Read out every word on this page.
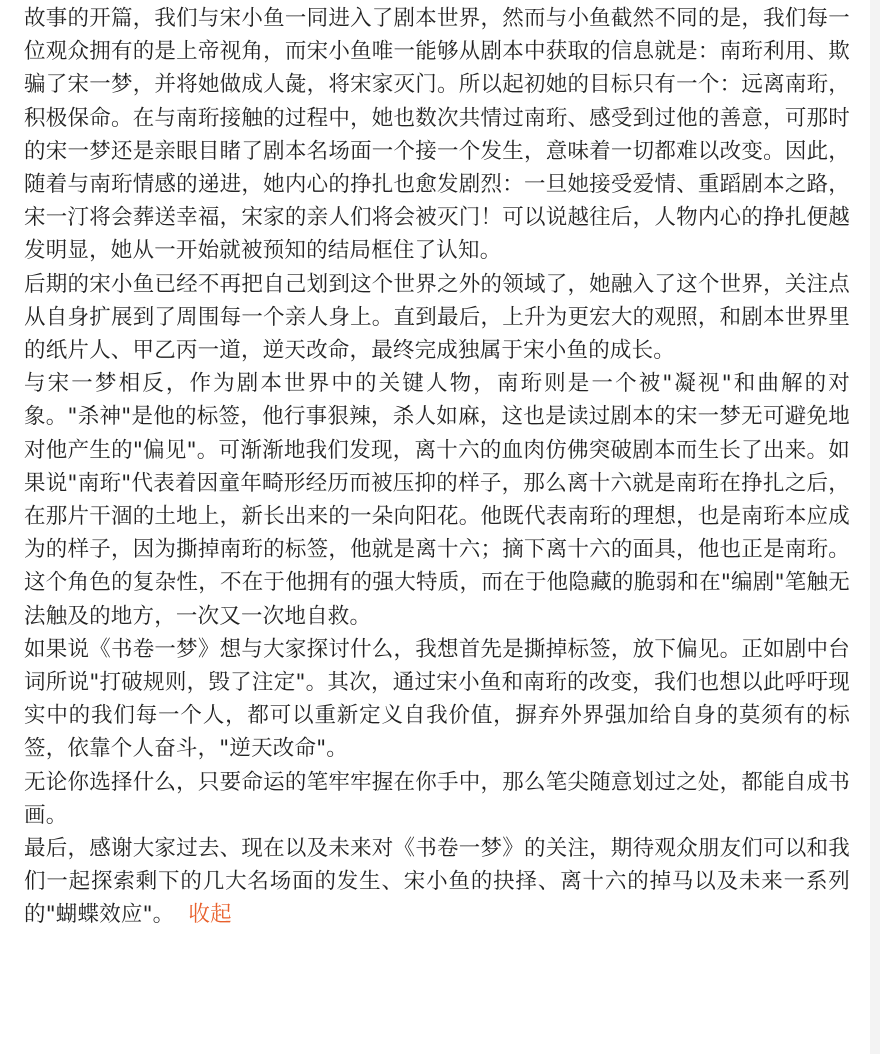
故事的开篇，我们与宋小鱼一同进入了剧本世界，然而与小鱼截然不同的是，我们每一位观众拥有的是上帝视角，而宋小鱼唯一能够从剧本中获取的信息就是：南珩利用、欺骗了宋一梦，并将她做成人彘，将宋家灭门。所以起初她的目标只有一个：远离南珩，积极保命。在与南珩接触的过程中，她也数次共情过南珩、感受到过他的善意，可那时的宋一梦还是亲眼目睹了剧本名场面一个接一个发生，意味着一切都难以改变。因此，随着与南珩情感的递进，她内心的挣扎也愈发剧烈：一旦她接受爱情、重蹈剧本之路，宋一汀将会葬送幸福，宋家的亲人们将会被灭门！可以说越往后，人物内心的挣扎便越发明显，她从一开始就被预知的结局框住了认知。

后期的宋小鱼已经不再把自己划到这个世界之外的领域了，她融入了这个世界，关注点从自身扩展到了周围每一个亲人身上。直到最后，上升为更宏大的观照，和剧本世界里的纸片人、甲乙丙一道，逆天改命，最终完成独属于宋小鱼的成长。

与宋一梦相反，作为剧本世界中的关键人物，南珩则是一个被"凝视"和曲解的对象。"杀神"是他的标签，他行事狠辣，杀人如麻，这也是读过剧本的宋一梦无可避免地对他产生的"偏见"。可渐渐地我们发现，离十六的血肉仿佛突破剧本而生长了出来。如果说"南珩"代表着因童年畸形经历而被压抑的样子，那么离十六就是南珩在挣扎之后，在那片干涸的土地上，新长出来的一朵向阳花。他既代表南珩的理想，也是南珩本应成为的样子，因为撕掉南珩的标签，他就是离十六；摘下离十六的面具，他也正是南珩。这个角色的复杂性，不在于他拥有的强大特质，而在于他隐藏的脆弱和在"编剧"笔触无法触及的地方，一次又一次地自救。

如果说《书卷一梦》想与大家探讨什么，我想首先是撕掉标签，放下偏见。正如剧中台词所说"打破规则，毁了注定"。其次，通过宋小鱼和南珩的改变，我们也想以此呼吁现实中的我们每一个人，都可以重新定义自我价值，摒弃外界强加给自身的莫须有的标签，依靠个人奋斗，"逆天改命"。

无论你选择什么，只要命运的笔牢牢握在你手中，那么笔尖随意划过之处，都能自成书画。

最后，感谢大家过去、现在以及未来对《书卷一梦》的关注，期待观众朋友们可以和我们一起探索剩下的几大名场面的发生、宋小鱼的抉择、离十六的掉马以及未来一系列的"蝴蝶效应"。 收起
